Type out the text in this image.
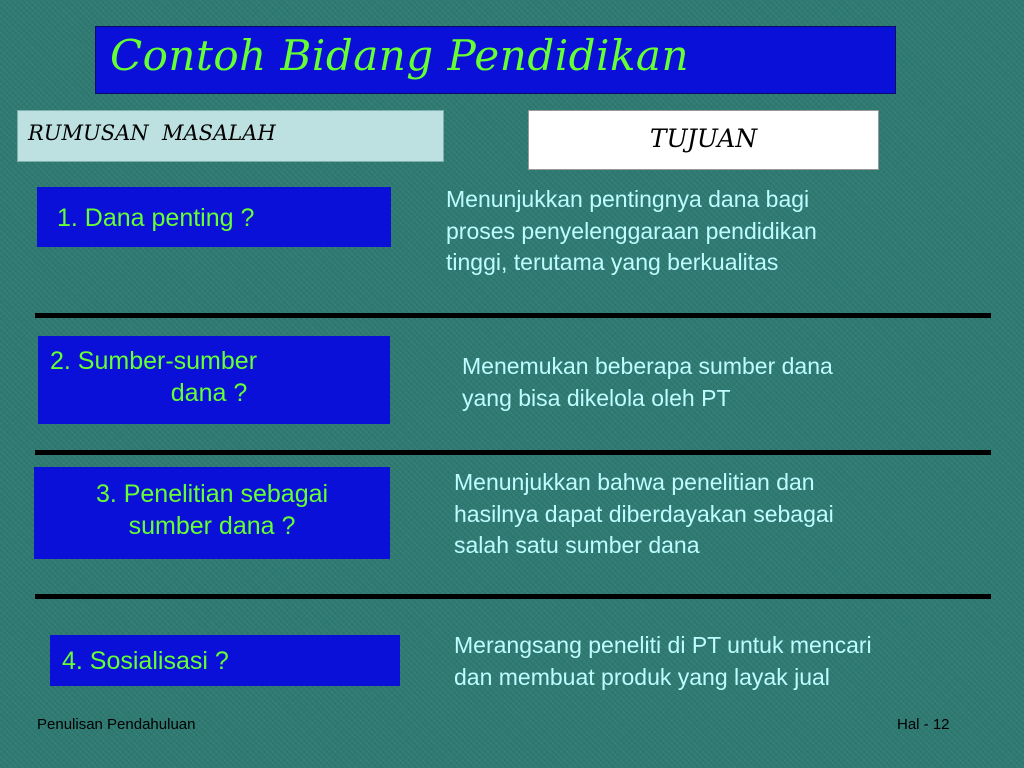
Contoh Bidang Pendidikan
RUMUSAN  MASALAH	TUJUAN
1. Dana penting ?
Menunjukkan pentingnya dana bagi
proses penyelenggaraan pendidikan
tinggi, terutama yang berkualitas
2. Sumber-sumber
dana ?
Menemukan beberapa sumber dana
yang bisa dikelola oleh PT
3. Penelitian sebagai
sumber dana ?
Menunjukkan bahwa penelitian dan
hasilnya dapat diberdayakan sebagai
salah satu sumber dana
4. Sosialisasi ?
Merangsang peneliti di PT untuk mencari
dan membuat produk yang layak jual
Penulisan Pendahuluan	Hal - 12
